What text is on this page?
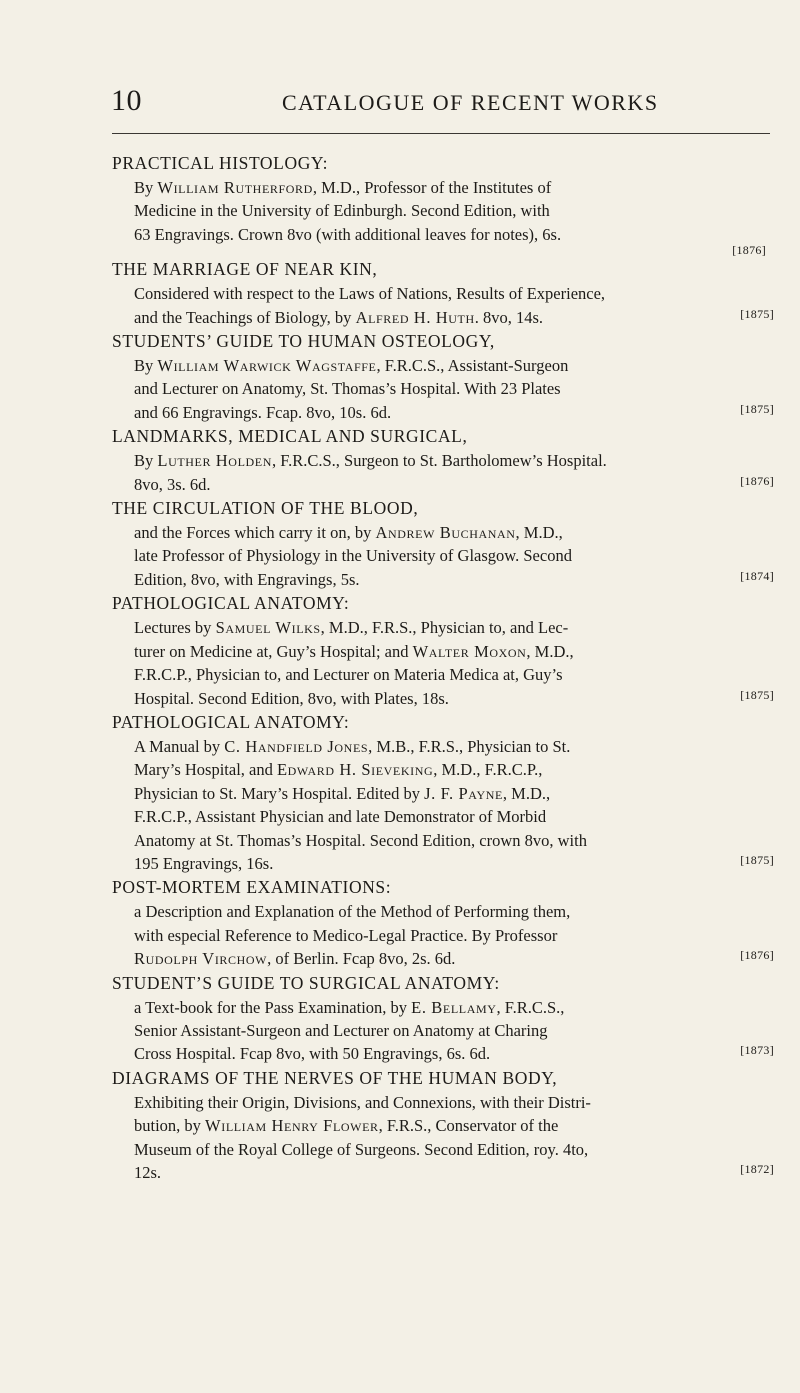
10	CATALOGUE OF RECENT WORKS
PRACTICAL HISTOLOGY:
By William Rutherford, M.D., Professor of the Institutes of
Medicine in the University of Edinburgh. Second Edition, with
63 Engravings. Crown 8vo (with additional leaves for notes), 6s.
[1876]
THE MARRIAGE OF NEAR KIN,
Considered with respect to the Laws of Nations, Results of Experience,
and the Teachings of Biology, by Alfred H. Huth. 8vo, 14s.	[1875]
STUDENTS’ GUIDE TO HUMAN OSTEOLOGY,
By William Warwick Wagstaffe, F.R.C.S., Assistant-Surgeon
and Lecturer on Anatomy, St. Thomas’s Hospital. With 23 Plates
and 66 Engravings. Fcap. 8vo, 10s. 6d.	[1875]
LANDMARKS, MEDICAL AND SURGICAL,
By Luther Holden, F.R.C.S., Surgeon to St. Bartholomew’s Hospital.
8vo, 3s. 6d.	[1876]
THE CIRCULATION OF THE BLOOD,
and the Forces which carry it on, by Andrew Buchanan, M.D.,
late Professor of Physiology in the University of Glasgow. Second
Edition, 8vo, with Engravings, 5s.	[1874]
PATHOLOGICAL ANATOMY:
Lectures by Samuel Wilks, M.D., F.R.S., Physician to, and Lec-
turer on Medicine at, Guy’s Hospital; and Walter Moxon, M.D.,
F.R.C.P., Physician to, and Lecturer on Materia Medica at, Guy’s
Hospital. Second Edition, 8vo, with Plates, 18s.	[1875]
PATHOLOGICAL ANATOMY:
A Manual by C. Handfield Jones, M.B., F.R.S., Physician to St.
Mary’s Hospital, and Edward H. Sieveking, M.D., F.R.C.P.,
Physician to St. Mary’s Hospital. Edited by J. F. Payne, M.D.,
F.R.C.P., Assistant Physician and late Demonstrator of Morbid
Anatomy at St. Thomas’s Hospital. Second Edition, crown 8vo, with
195 Engravings, 16s.	[1875]
POST-MORTEM EXAMINATIONS:
a Description and Explanation of the Method of Performing them,
with especial Reference to Medico-Legal Practice. By Professor
Rudolph Virchow, of Berlin. Fcap 8vo, 2s. 6d.	[1876]
STUDENT’S GUIDE TO SURGICAL ANATOMY:
a Text-book for the Pass Examination, by E. Bellamy, F.R.C.S.,
Senior Assistant-Surgeon and Lecturer on Anatomy at Charing
Cross Hospital. Fcap 8vo, with 50 Engravings, 6s. 6d.	[1873]
DIAGRAMS OF THE NERVES OF THE HUMAN BODY,
Exhibiting their Origin, Divisions, and Connexions, with their Distri-
bution, by William Henry Flower, F.R.S., Conservator of the
Museum of the Royal College of Surgeons. Second Edition, roy. 4to,
12s.	[1872]
